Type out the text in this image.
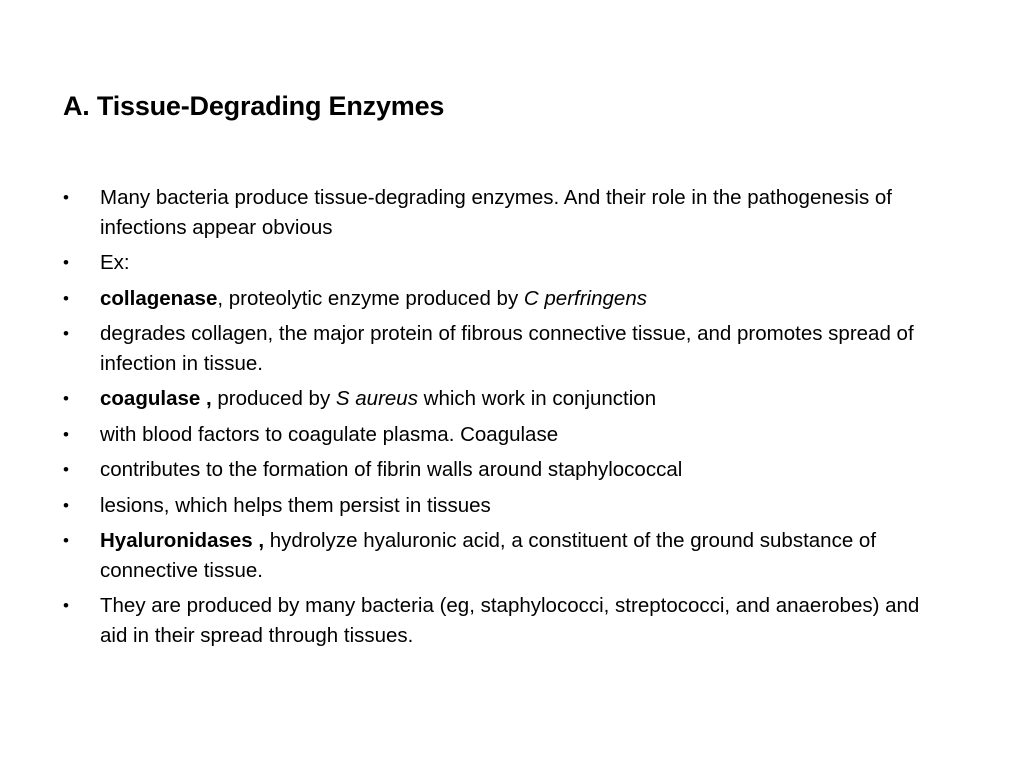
A. Tissue-Degrading Enzymes
•	Many bacteria produce tissue-degrading enzymes. And their role in the pathogenesis of infections appear obvious
•	Ex:
•	collagenase, proteolytic enzyme produced by C perfringens
•	degrades collagen, the major protein of fibrous connective tissue, and promotes spread of infection in tissue.
•	coagulase , produced by S aureus which work in conjunction
•	with blood factors to coagulate plasma. Coagulase
•	contributes to the formation of fibrin walls around staphylococcal
•	lesions, which helps them persist in tissues
•	Hyaluronidases , hydrolyze hyaluronic acid, a constituent of the ground substance of connective tissue.
•	They are produced by many bacteria (eg, staphylococci, streptococci, and anaerobes) and aid in their spread through tissues.
